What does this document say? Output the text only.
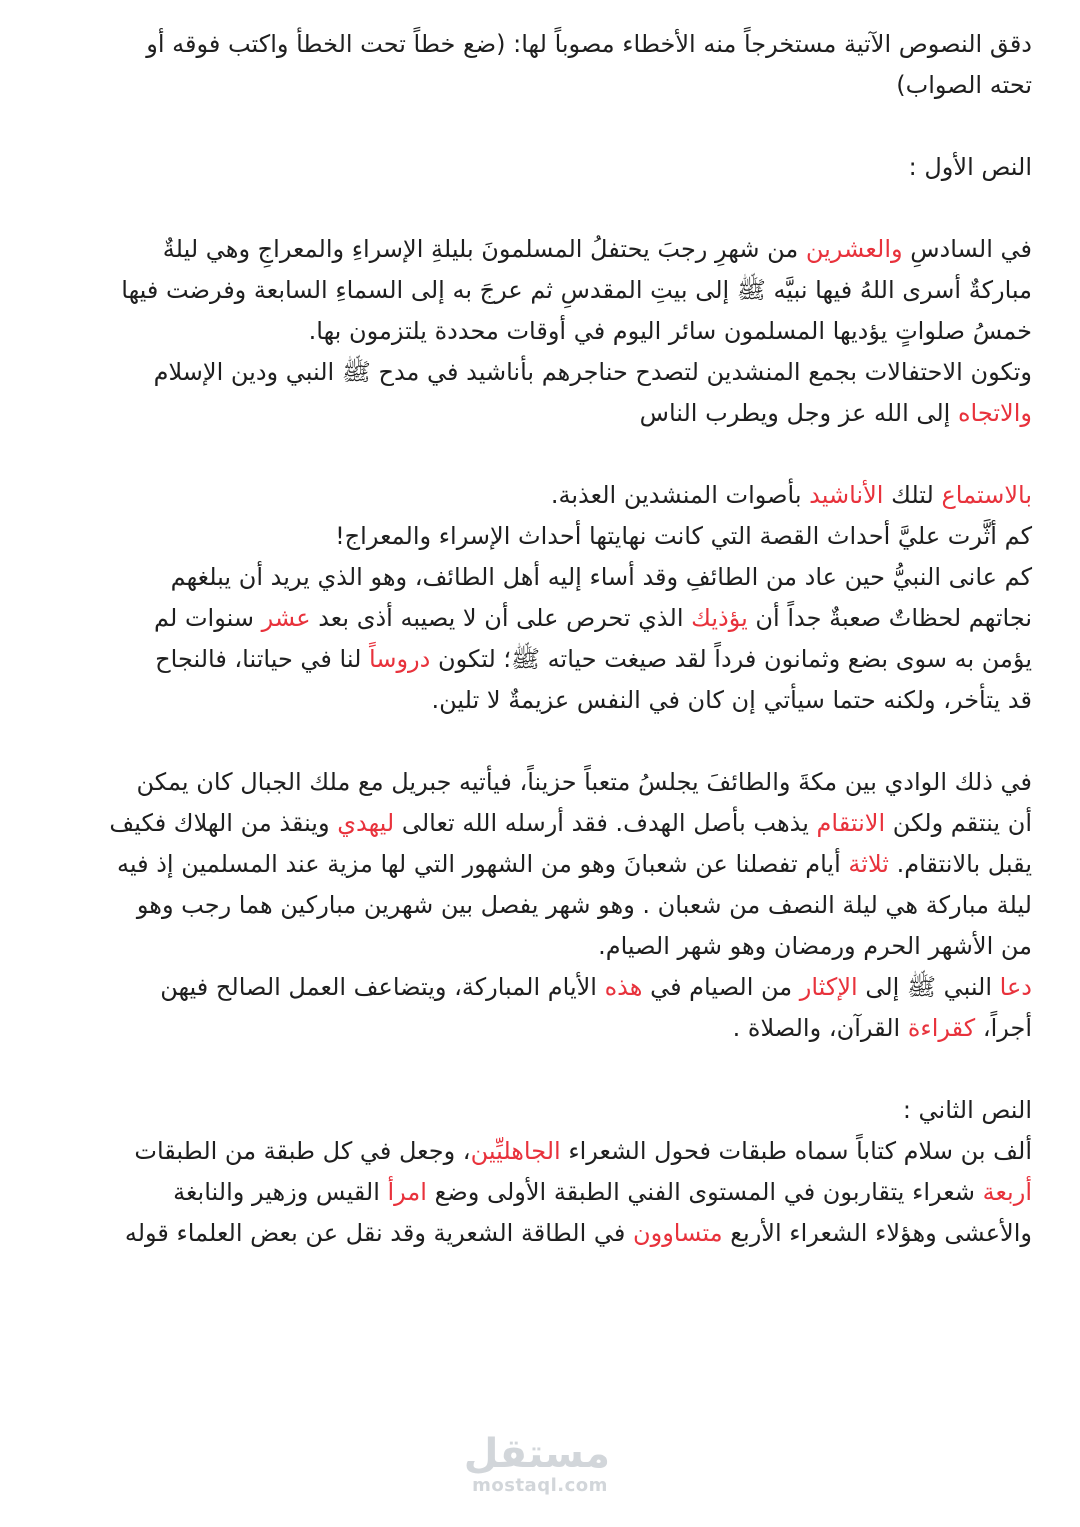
دقق النصوص الآتية مستخرجاً منه الأخطاء مصوباً لها: (ضع خطاً تحت الخطأ واكتب فوقه أو

تحته الصواب)

النص الأول :

في السادسِ والعشرين من شهرِ رجبَ يحتفلُ المسلمونَ بليلةِ الإسراءِ والمعراجِ وهي ليلةٌ

مباركةٌ أسرى اللهُ فيها نبيَّه ﷺ إلى بيتِ المقدسِ ثم عرجَ به إلى السماءِ السابعة وفرضت فيها

خمسُ صلواتٍ يؤديها المسلمون سائر اليوم في أوقات محددة يلتزمون بها.

وتكون الاحتفالات بجمع المنشدين لتصدح حناجرهم بأناشيد في مدح ﷺ النبي ودين الإسلام

والاتجاه إلى الله عز وجل ويطرب الناس

بالاستماع لتلك الأناشيد بأصوات المنشدين العذبة.

كم أثَّرت عليَّ أحداث القصة التي كانت نهايتها أحداث الإسراء والمعراج!

كم عانى النبيُّ حين عاد من الطائفِ وقد أساء إليه أهل الطائف، وهو الذي يريد أن يبلغهم

نجاتهم لحظاتٌ صعبةٌ جداً أن يؤذيك الذي تحرص على أن لا يصيبه أذى بعد عشر سنوات لم

يؤمن به سوى بضع وثمانون فرداً لقد صيغت حياته ﷺ؛ لتكون دروساً لنا في حياتنا، فالنجاح

قد يتأخر، ولكنه حتما سيأتي إن كان في النفس عزيمةٌ لا تلين.

في ذلك الوادي بين مكةَ والطائفَ يجلسُ متعباً حزيناً، فيأتيه جبريل مع ملك الجبال كان يمكن

أن ينتقم ولكن الانتقام يذهب بأصل الهدف. فقد أرسله الله تعالى ليهدي وينقذ من الهلاك فكيف

يقبل بالانتقام. ثلاثة أيام تفصلنا عن شعبانَ وهو من الشهور التي لها مزية عند المسلمين إذ فيه

ليلة مباركة هي ليلة النصف من شعبان . وهو شهر يفصل بين شهرين مباركين هما رجب وهو

من الأشهر الحرم ورمضان وهو شهر الصيام.

دعا النبي ﷺ إلى الإكثار من الصيام في هذه الأيام المباركة، ويتضاعف العمل الصالح فيهن

أجراً، كقراءة القرآن، والصلاة .

النص الثاني :

ألف بن سلام كتاباً سماه طبقات فحول الشعراء الجاهليِّين، وجعل في كل طبقة من الطبقات

أربعة شعراء يتقاربون في المستوى الفني الطبقة الأولى وضع امرأ القيس وزهير والنابغة

والأعشى وهؤلاء الشعراء الأربع متساوون في الطاقة الشعرية وقد نقل عن بعض العلماء قوله

مستقل
mostaql.com
